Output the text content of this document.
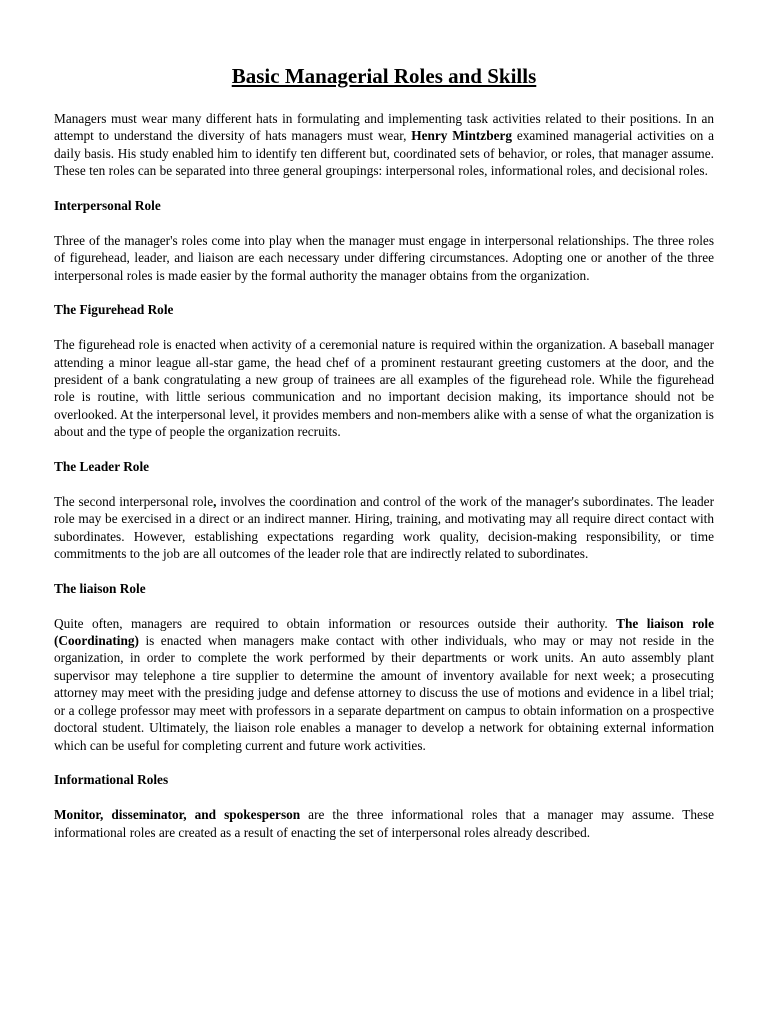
Basic Managerial Roles and Skills

Managers must wear many different hats in formulating and implementing task activities related to their positions. In an attempt to understand the diversity of hats managers must wear, Henry Mintzberg examined managerial activities on a daily basis. His study enabled him to identify ten different but, coordinated sets of behavior, or roles, that manager assume. These ten roles can be separated into three general groupings: interpersonal roles, informational roles, and decisional roles.

Interpersonal Role

Three of the manager's roles come into play when the manager must engage in interpersonal relationships. The three roles of figurehead, leader, and liaison are each necessary under differing circumstances. Adopting one or another of the three interpersonal roles is made easier by the formal authority the manager obtains from the organization.

The Figurehead Role

The figurehead role is enacted when activity of a ceremonial nature is required within the organization. A baseball manager attending a minor league all-star game, the head chef of a prominent restaurant greeting customers at the door, and the president of a bank congratulating a new group of trainees are all examples of the figurehead role. While the figurehead role is routine, with little serious communication and no important decision making, its importance should not be overlooked. At the interpersonal level, it provides members and non-members alike with a sense of what the organization is about and the type of people the organization recruits.

The Leader Role

The second interpersonal role, involves the coordination and control of the work of the manager's subordinates. The leader role may be exercised in a direct or an indirect manner. Hiring, training, and motivating may all require direct contact with subordinates. However, establishing expectations regarding work quality, decision-making responsibility, or time commitments to the job are all outcomes of the leader role that are indirectly related to subordinates.

The liaison Role

Quite often, managers are required to obtain information or resources outside their authority. The liaison role (Coordinating) is enacted when managers make contact with other individuals, who may or may not reside in the organization, in order to complete the work performed by their departments or work units. An auto assembly plant supervisor may telephone a tire supplier to determine the amount of inventory available for next week; a prosecuting attorney may meet with the presiding judge and defense attorney to discuss the use of motions and evidence in a libel trial; or a college professor may meet with professors in a separate department on campus to obtain information on a prospective doctoral student. Ultimately, the liaison role enables a manager to develop a network for obtaining external information which can be useful for completing current and future work activities.

Informational Roles

Monitor, disseminator, and spokesperson are the three informational roles that a manager may assume. These informational roles are created as a result of enacting the set of interpersonal roles already described.
